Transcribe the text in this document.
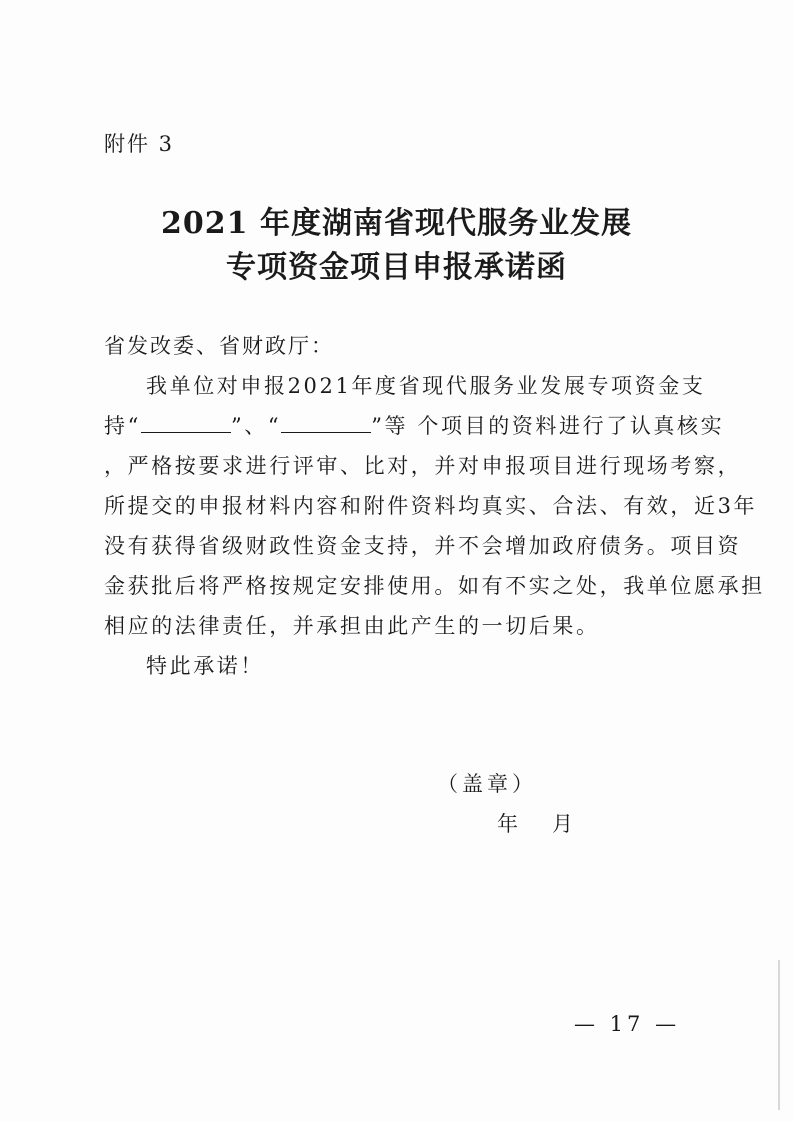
附件 3
2021 年度湖南省现代服务业发展
专项资金项目申报承诺函
省发改委、省财政厅：
我单位对申报2021年度省现代服务业发展专项资金支
持“	”、“	”等 个项目的资料进行了认真核实
，严格按要求进行评审、比对，并对申报项目进行现场考察，
所提交的申报材料内容和附件资料均真实、合法、有效，近3年
没有获得省级财政性资金支持，并不会增加政府债务。项目资
金获批后将严格按规定安排使用。如有不实之处，我单位愿承担
相应的法律责任，并承担由此产生的一切后果。
特此承诺！
（盖章）
年 月
— 17 —
